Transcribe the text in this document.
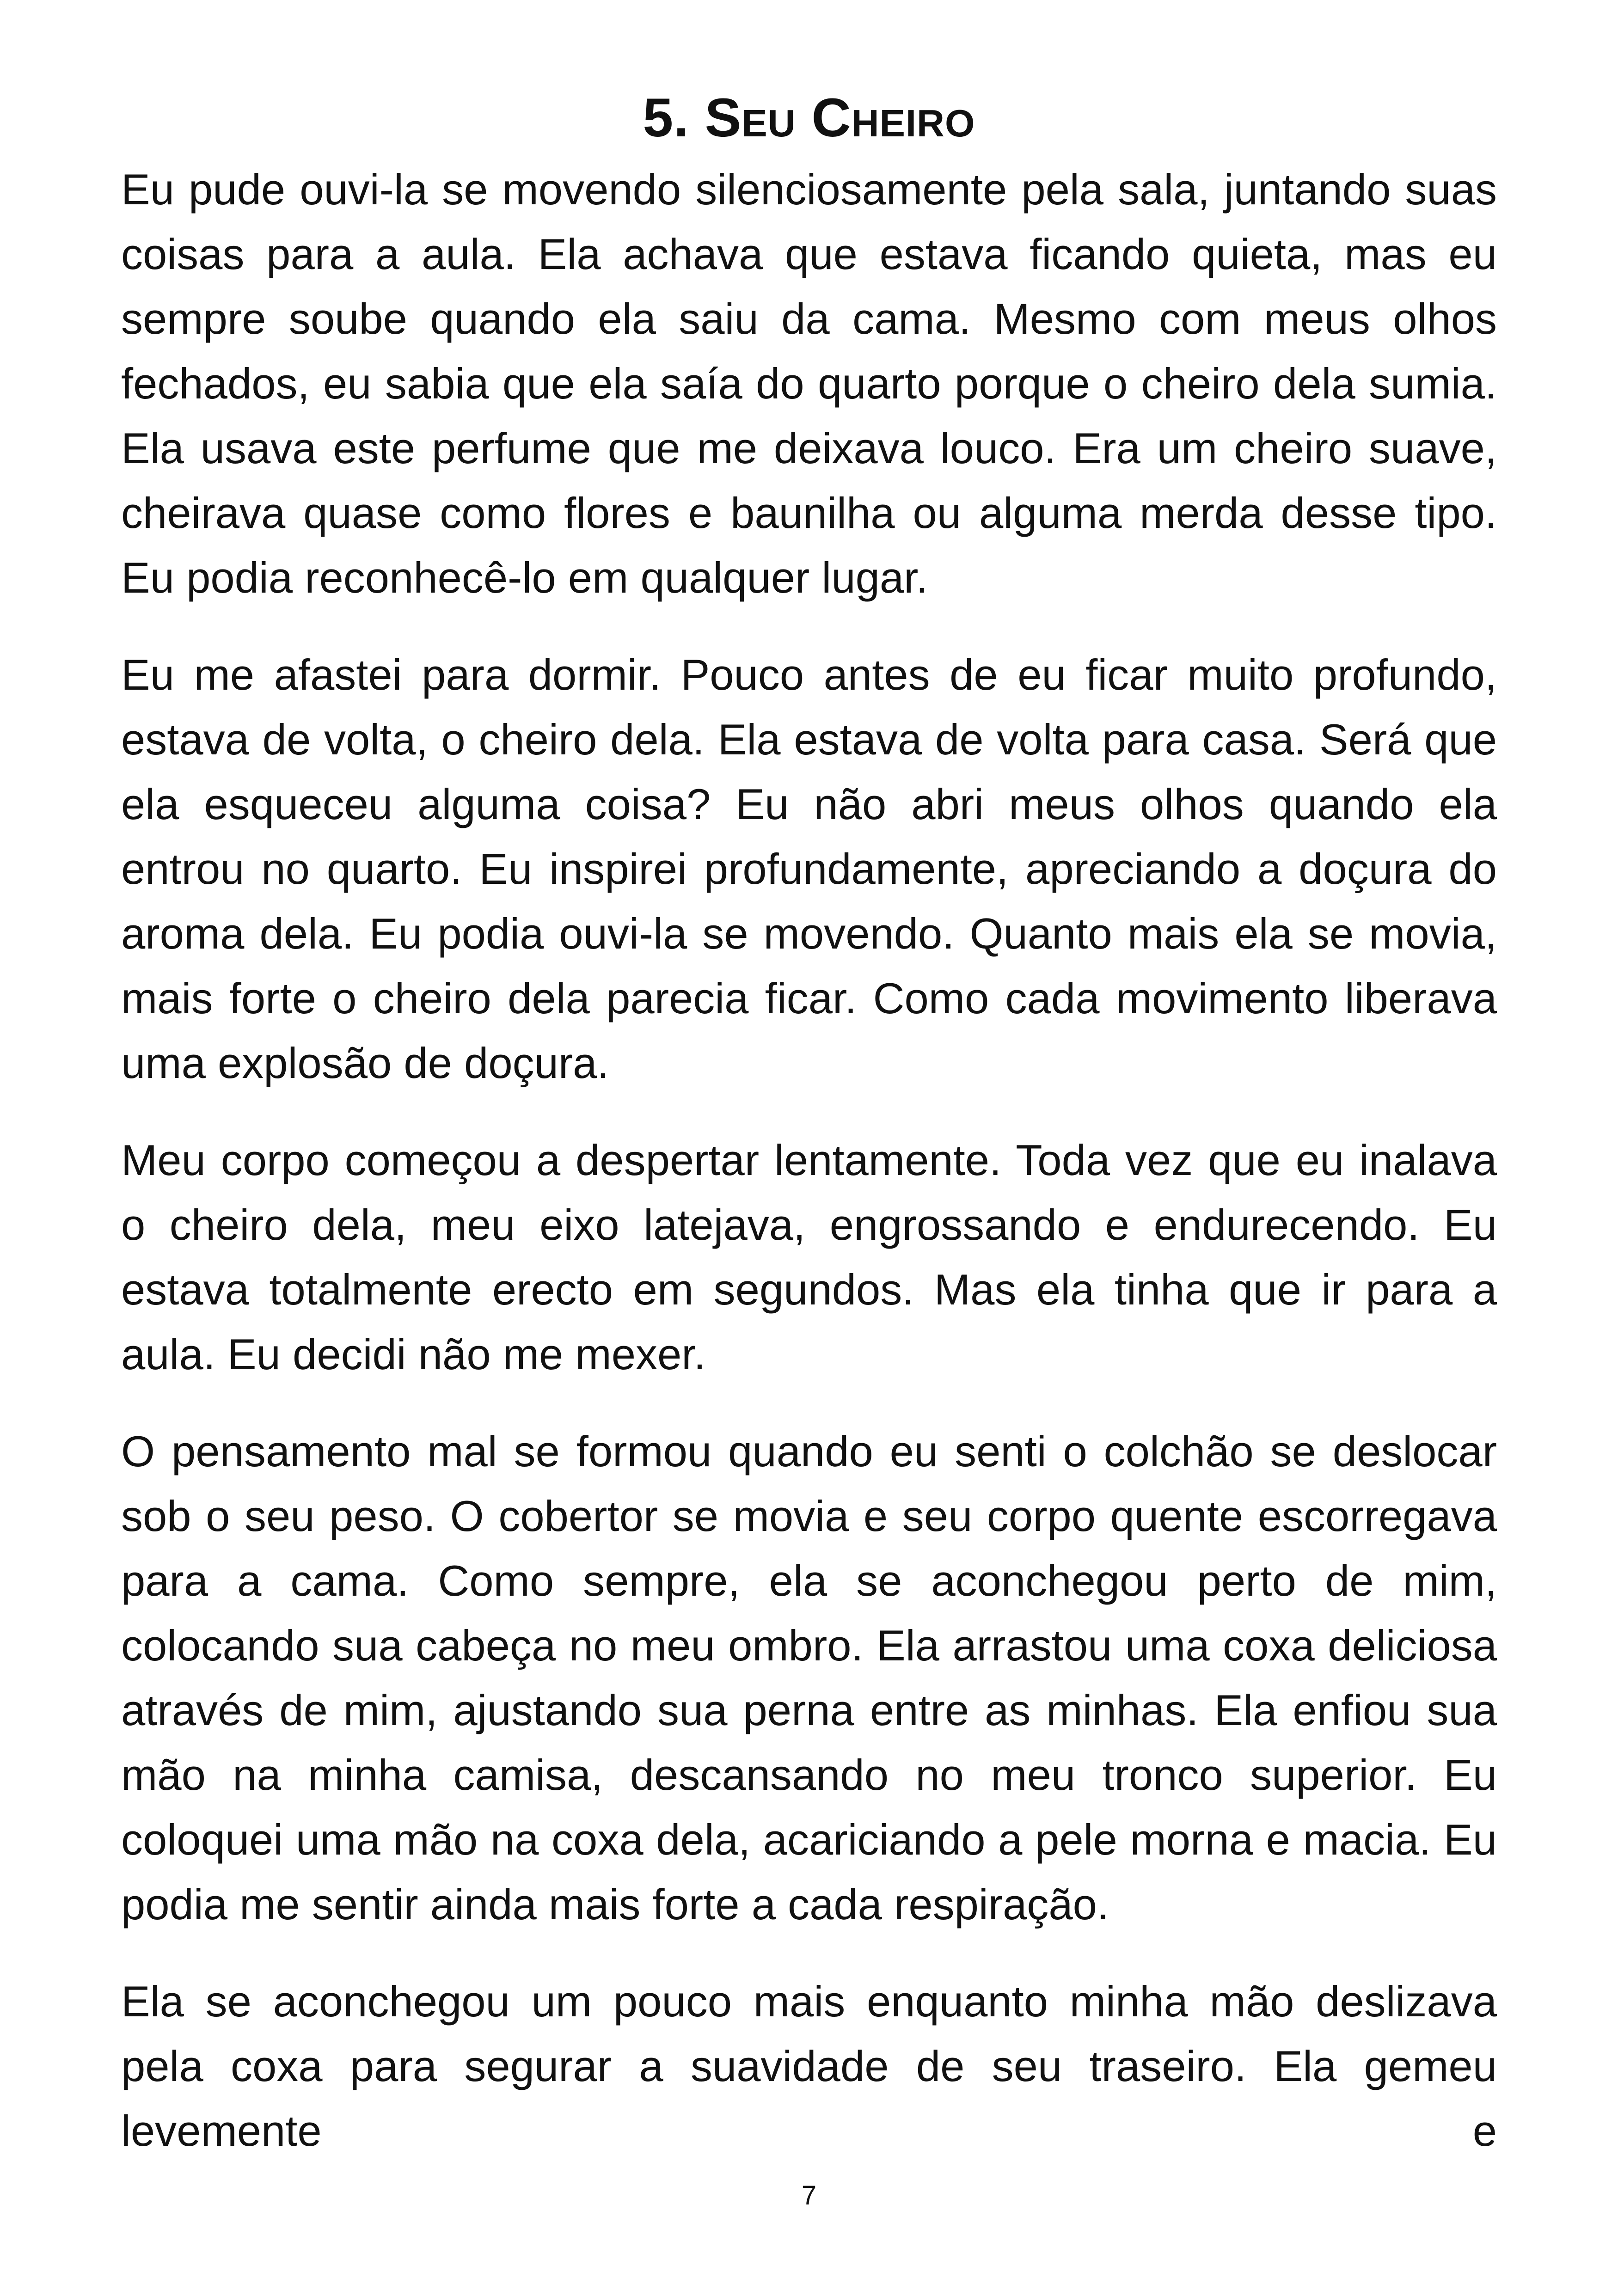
5. Seu Cheiro

Eu pude ouvi-la se movendo silenciosamente pela sala, juntando suas coisas para a aula. Ela achava que estava ficando quieta, mas eu sempre soube quando ela saiu da cama. Mesmo com meus olhos fechados, eu sabia que ela saía do quarto porque o cheiro dela sumia. Ela usava este perfume que me deixava louco. Era um cheiro suave, cheirava quase como flores e baunilha ou alguma merda desse tipo. Eu podia reconhecê-lo em qualquer lugar.

Eu me afastei para dormir. Pouco antes de eu ficar muito profundo, estava de volta, o cheiro dela. Ela estava de volta para casa. Será que ela esqueceu alguma coisa? Eu não abri meus olhos quando ela entrou no quarto. Eu inspirei profundamente, apreciando a doçura do aroma dela. Eu podia ouvi-la se movendo. Quanto mais ela se movia, mais forte o cheiro dela parecia ficar. Como cada movimento liberava uma explosão de doçura.

Meu corpo começou a despertar lentamente. Toda vez que eu inalava o cheiro dela, meu eixo latejava, engrossando e endurecendo. Eu estava totalmente erecto em segundos. Mas ela tinha que ir para a aula. Eu decidi não me mexer.

O pensamento mal se formou quando eu senti o colchão se deslocar sob o seu peso. O cobertor se movia e seu corpo quente escorregava para a cama. Como sempre, ela se aconchegou perto de mim, colocando sua cabeça no meu ombro. Ela arrastou uma coxa deliciosa através de mim, ajustando sua perna entre as minhas. Ela enfiou sua mão na minha camisa, descansando no meu tronco superior. Eu coloquei uma mão na coxa dela, acariciando a pele morna e macia. Eu podia me sentir ainda mais forte a cada respiração.

Ela se aconchegou um pouco mais enquanto minha mão deslizava pela coxa para segurar a suavidade de seu traseiro. Ela gemeu levemente e

7
